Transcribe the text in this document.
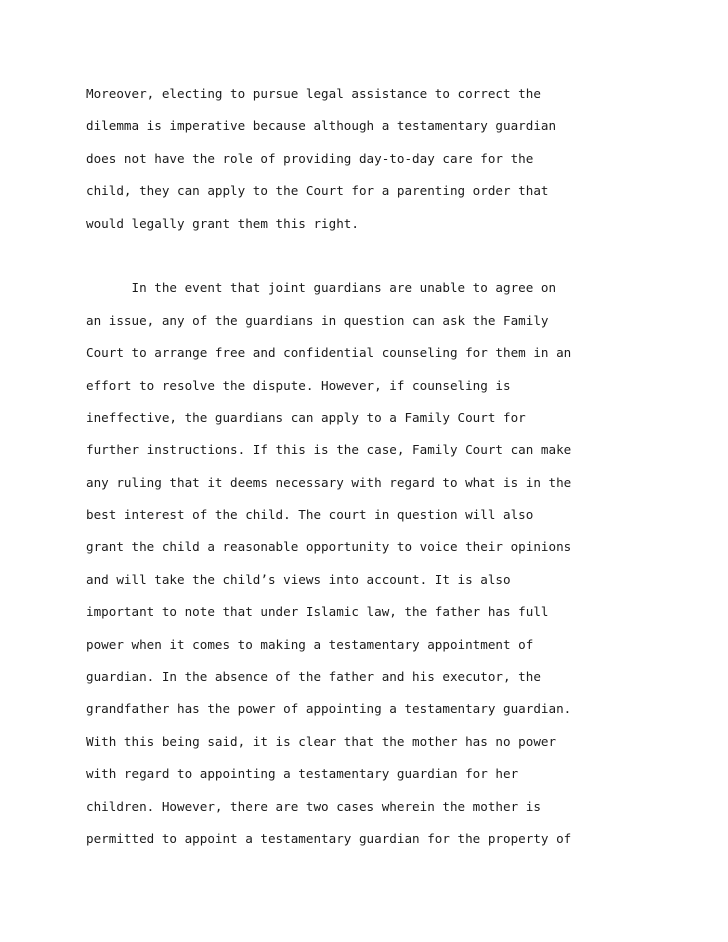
Moreover, electing to pursue legal assistance to correct the
dilemma is imperative because although a testamentary guardian
does not have the role of providing day-to-day care for the
child, they can apply to the Court for a parenting order that
would legally grant them this right.
In the event that joint guardians are unable to agree on
an issue, any of the guardians in question can ask the Family
Court to arrange free and confidential counseling for them in an
effort to resolve the dispute. However, if counseling is
ineffective, the guardians can apply to a Family Court for
further instructions. If this is the case, Family Court can make
any ruling that it deems necessary with regard to what is in the
best interest of the child. The court in question will also
grant the child a reasonable opportunity to voice their opinions
and will take the child’s views into account. It is also
important to note that under Islamic law, the father has full
power when it comes to making a testamentary appointment of
guardian. In the absence of the father and his executor, the
grandfather has the power of appointing a testamentary guardian.
With this being said, it is clear that the mother has no power
with regard to appointing a testamentary guardian for her
children. However, there are two cases wherein the mother is
permitted to appoint a testamentary guardian for the property of
